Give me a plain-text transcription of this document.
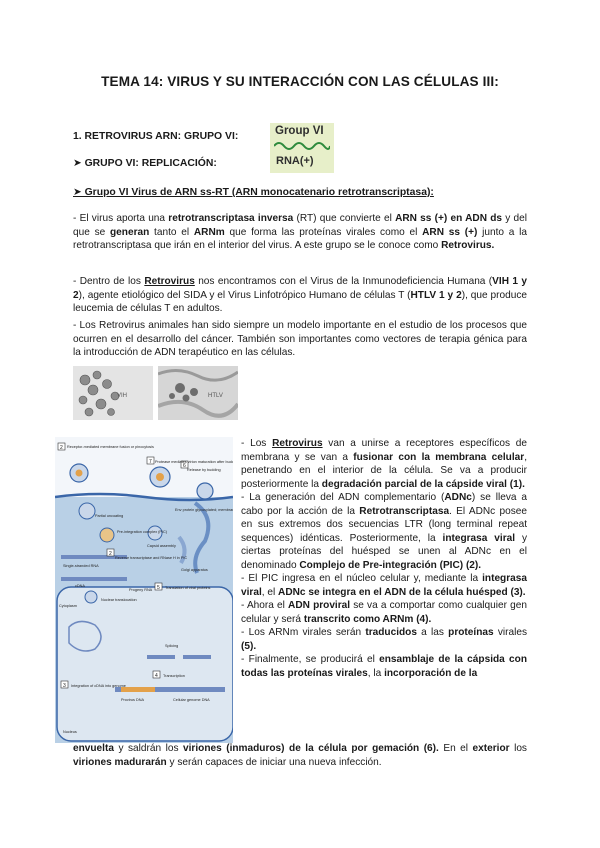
TEMA 14: VIRUS Y SU INTERACCIÓN CON LAS CÉLULAS III:
1. RETROVIRUS ARN: GRUPO VI:
➤ GRUPO VI: REPLICACIÓN:
Group VI
RNA(+)
➤ Grupo VI Virus de ARN ss-RT (ARN monocatenario retrotranscriptasa):

- El virus aporta una retrotranscriptasa inversa (RT) que convierte el ARN ss (+) en ADN ds y del que se generan tanto el ARNm que forma las proteínas virales como el ARN ss (+) junto a la retrotranscriptasa que irán en el interior del virus. A este grupo se le conoce como Retrovirus.

- Dentro de los Retrovirus nos encontramos con el Virus de la Inmunodeficiencia Humana (VIH 1 y 2), agente etiológico del SIDA y el Virus Linfotrópico Humano de células T (HTLV 1 y 2), que produce leucemia de células T en adultos.

- Los Retrovirus animales han sido siempre un modelo importante en el estudio de los procesos que ocurren en el desarrollo del cáncer. También son importantes como vectores de terapia génica para la introducción de ADN terapéutico en las células.

VIH	HTLV
2
7
2
3
4
5
6
Receptor-mediated membrane fusion or pinocytosis
Protease mediates virion maturation after budding
Release by budding
Partial uncoating
Pre-integration complex (PIC)
Env protein glycosylated; membrane
Reverse transcriptase and RNase H in PIC
Capsid assembly
Golgi apparatus
Single-stranded RNA
cDNA
Progeny RNA	Translation of viral proteins
Cytoplasm
Nuclear translocation
Integration of cDNA into genome
Splicing
Transcription
Provirus DNA	Cellular genome DNA
Nucleus

- Los Retrovirus van a unirse a receptores específicos de membrana y se van a fusionar con la membrana celular, penetrando en el interior de la célula. Se va a producir posteriormente la degradación parcial de la cápside viral (1).
- La generación del ADN complementario (ADNc) se lleva a cabo por la acción de la Retrotranscriptasa. El ADNc posee en sus extremos dos secuencias LTR (long terminal repeat sequences) idénticas. Posteriormente, la integrasa viral y ciertas proteínas del huésped se unen al ADNc en el denominado Complejo de Pre-integración (PIC) (2).
- El PIC ingresa en el núcleo celular y, mediante la integrasa viral, el ADNc se integra en el ADN de la célula huésped (3).
- Ahora el ADN proviral se va a comportar como cualquier gen celular y será transcrito como ARNm (4).
- Los ARNm virales serán traducidos a las proteínas virales (5).
- Finalmente, se producirá el ensamblaje de la cápsida con todas las proteínas virales, la incorporación de la

envuelta y saldrán los viriones (inmaduros) de la célula por gemación (6). En el exterior los viriones madurarán y serán capaces de iniciar una nueva infección.
